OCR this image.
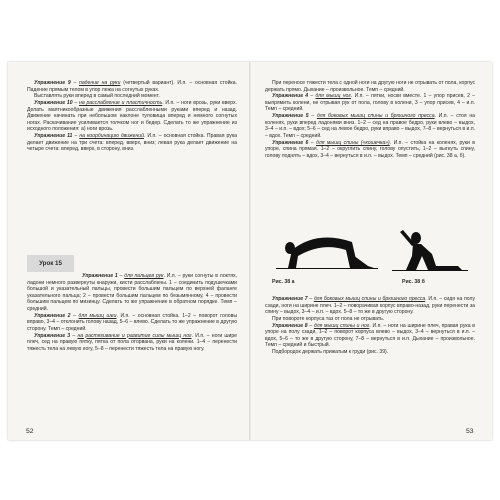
Упражнение 9 – падение на руки (четвертый вариант). И.п. – основная стойка. Падение прямым телом в упор лежа на согнутых руках.

Выставлять руки вперед в самый последний момент.

Упражнение 10 – на расслабление и пластичность. И.п. – ноги врозь, руки вверх. Делать маятникообразные движения расслабленными руками вперед и назад. Движение начинать при небольшом наклоне туловища вперед и немного согнутых ногах. Раскачивание усиливается толчком ног и бедер. Сделать то же упражнение из исходного положения: а) ноги врозь.

Упражнение 11 – на координацию движений. И.п. – основная стойка. Правая рука делает движение на три счета: вперед, вверх, вниз; левая рука делает движение на четыре счета: вперед, вверх, в сторону, вниз.

Урок 15

Упражнение 1 – для пальцев рук. И.п. – руки согнуты в локтях, ладони немного развернуты кнаружи, кисти расслаблены. 1 – соединить подушечками большой и указательный пальцы, провести большим пальцем по верхней фаланге указательного пальца; 2 – провести большим пальцем по безымянному, 4 – провести большим пальцем по мизинцу. Сделать то же упражнение в обратном порядке. Темп – средний.

Упражнение 2 – для мышц шеи. И.п. – основная стойка. 1–2 – поворот головы вправо, 3–4 – отклонить голову назад, 5–6 – влево. Сделать то же упражнение в другую сторону. Темп – средний.

Упражнение 3 – на растягивание и развитие силы мышц ног. И.п. – ноги шире плеч, сед на правую пятку, пятка от пола оторвана, руки на колени. 1–4 – перенести тяжесть тела на левую ногу, 5–8 – перенести тяжесть тела на правую ногу.

52

При переносе тяжести тела с одной ноги на другую ноги не отрывать от пола, корпус держать прямо. Дыхание – произвольное. Темп – средний.

Упражнение 4 – для мышц ног. И.п. – пятки, носки вместе. 1 – упор присев, 2 – выпрямить колени, не отрывая рук от пола, голову в колени, 3 – упор присев, 4 – и.п. Темп – средний.

Упражнение 5 – для боковых мышц спины и брюшного пресса. И.п. – стоя на коленях, руки вперед ладонями вниз. 1–2 – сед на правое бедро, руки влево – выдох, 3–4 – и.п. – вдох; 5–6 – сед на левое бедро, руки вправо – выдох, 7–8 – вернуться в и.п. – вдох. Темп – средний.

Упражнение 6 – для мышц спины («кошечка»). И.п. – стойка на коленях, руки в упоре, спина прямая. 1–2 – округлить спину, голову опустить, 1–2 – выгнуть спину, голову поднять – вдох, 3–4 – вернуться в и.п. – выдох. Темп – средний (рис. 38 а, б).

Рис. 38 а	Рис. 38 б

Упражнение 7 – для боковых мышц спины и брюшного пресса. И.п. – сидя на полу сзади, ноги на ширине плеч. 1–2 – поворачивая корпус вправо-назад, руки перенести за спину – выдох, 3–4 – и.п. – вдох. 5–8 – то же в другую сторону.

При повороте корпуса таз от пола не отрывать.

Упражнение 8 – для мышц спины и ног. И.п. – ноги на ширине плеч, правая рука в упоре на полу сзади, 1–2 – поворот корпуса влево – выдох, 3–4 – вернуться в и.п. – вдох, 5–6 – то же в другую сторону, 7–8 – вернуться в и.п. Дыхание – произвольное. Темп – средний и быстрый.

Подбородок держать прижатым к груди (рис. 39).

53
